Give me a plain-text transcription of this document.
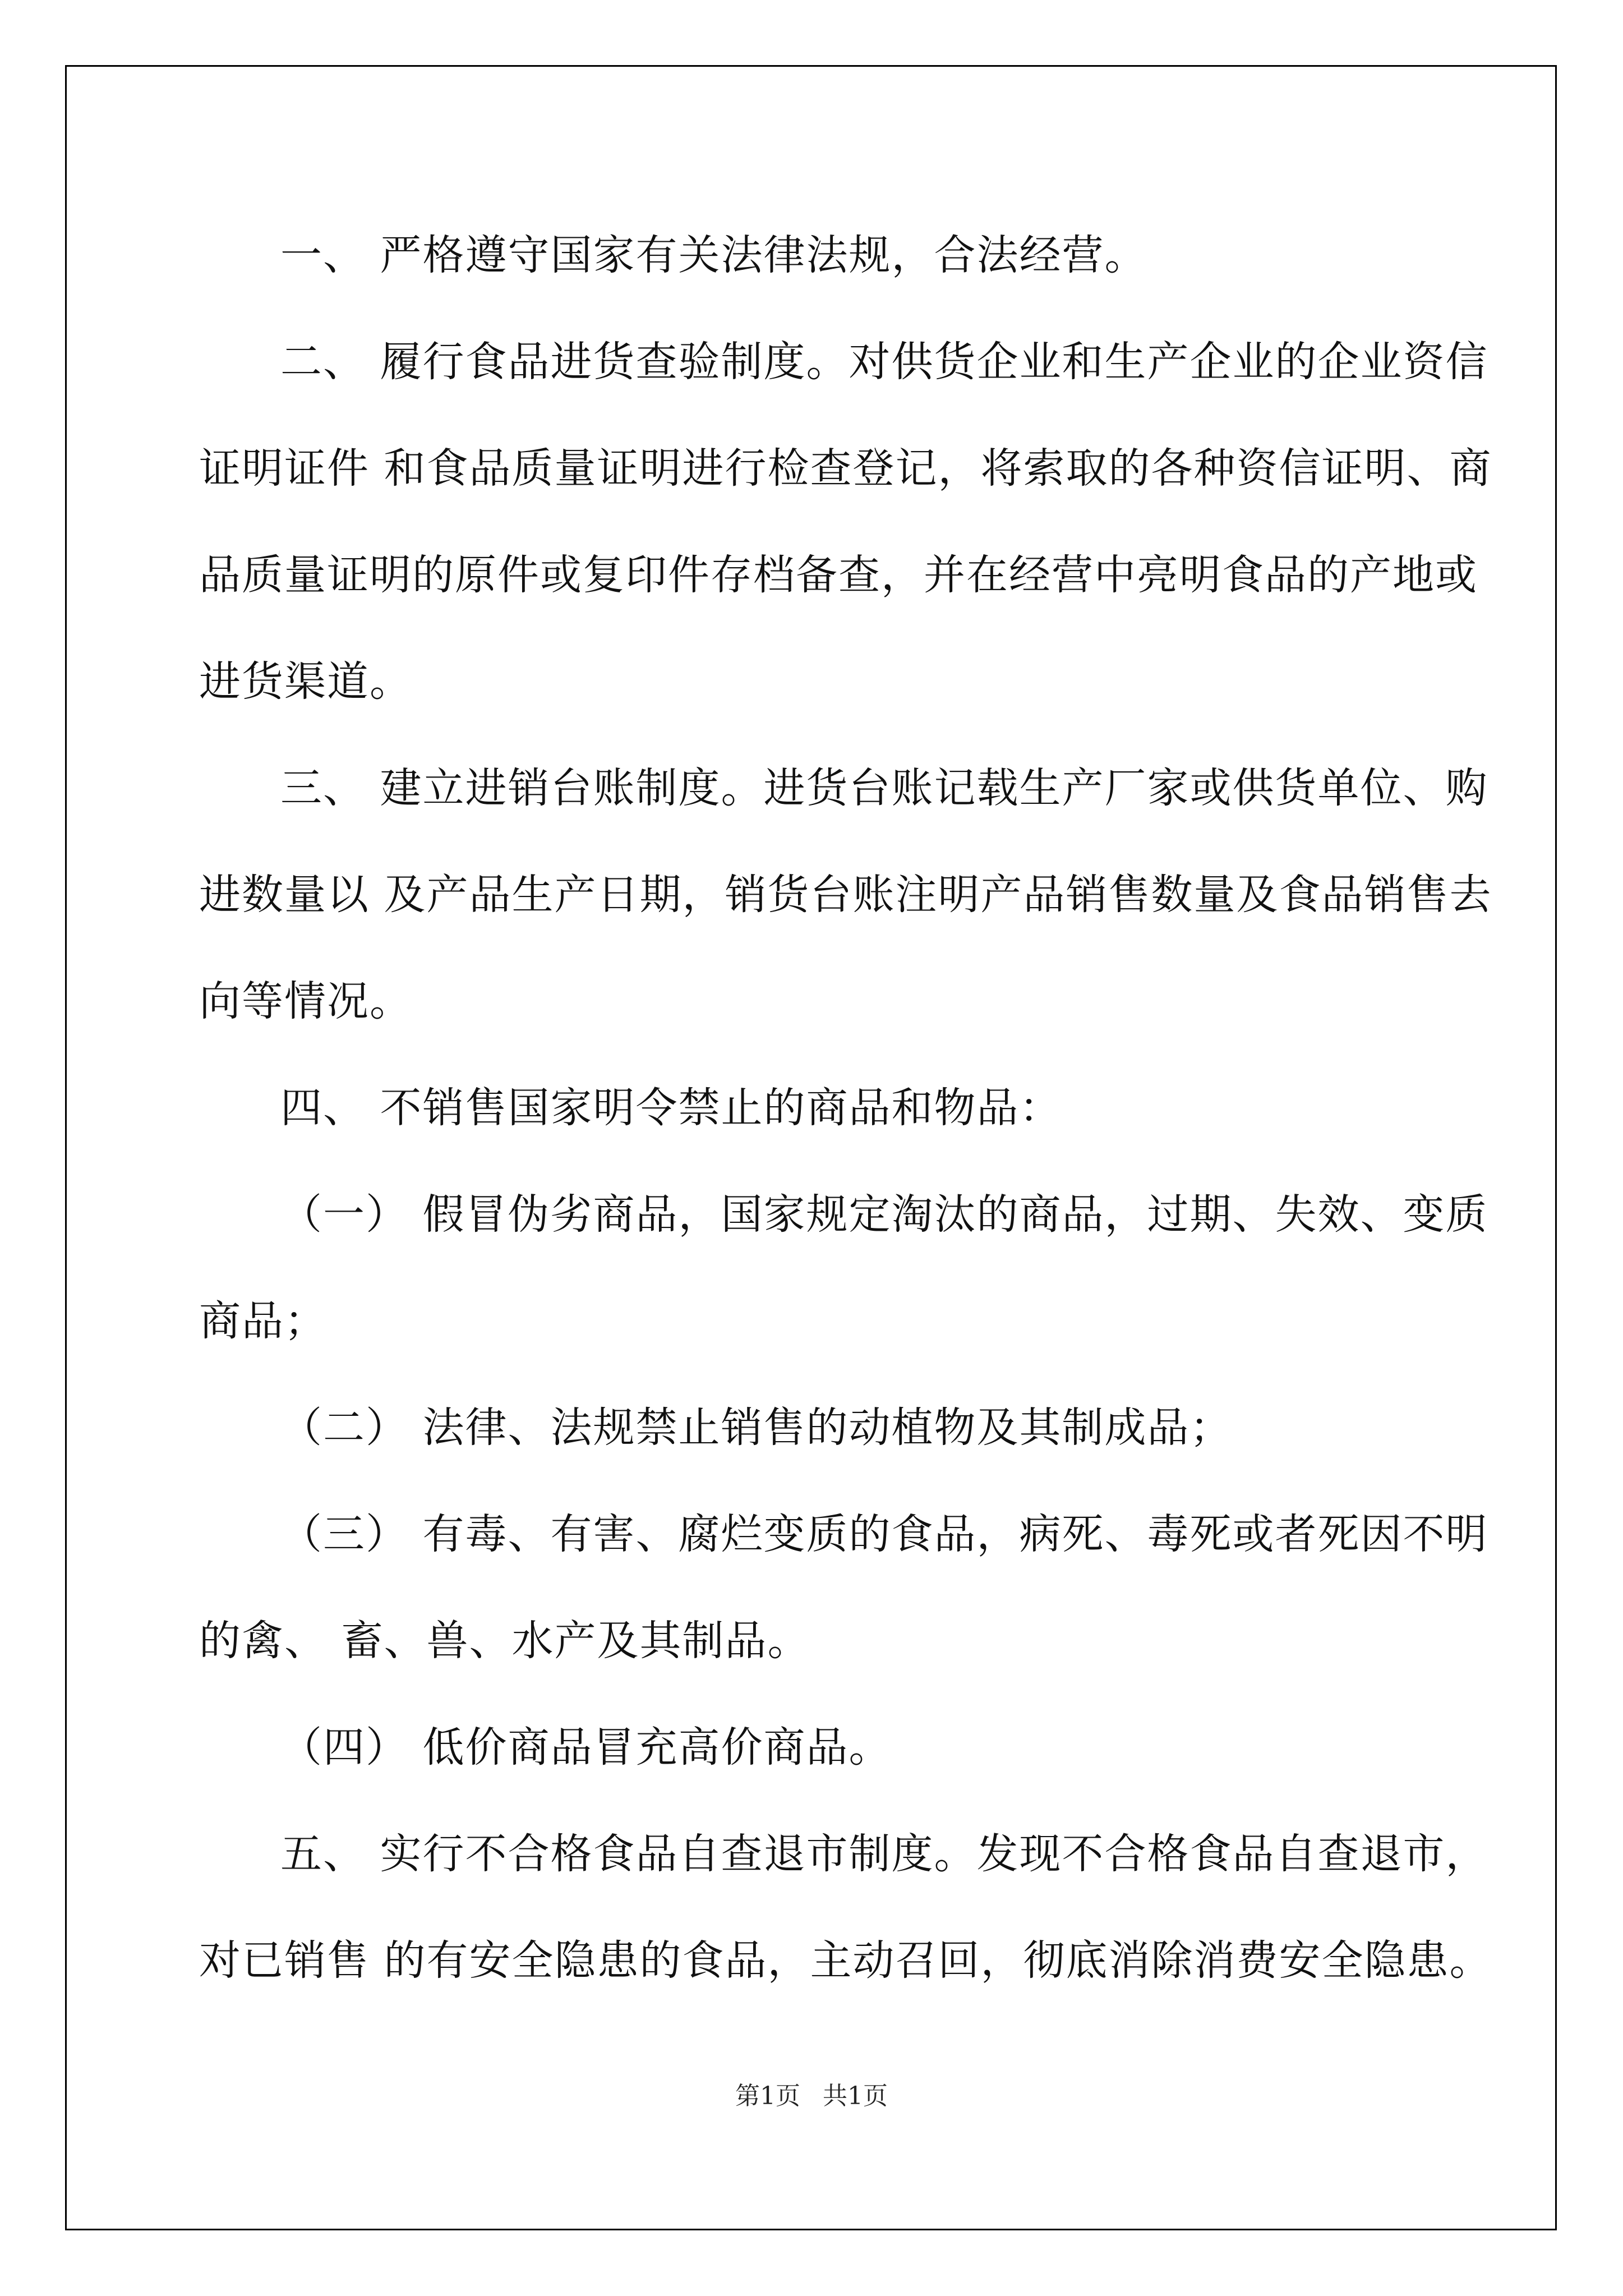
一、 严格遵守国家有关法律法规，合法经营。
二、 履行食品进货查验制度。对供货企业和生产企业的企业资信
证明证件 和食品质量证明进行检查登记，将索取的各种资信证明、商
品质量证明的原件或复印件存档备查，并在经营中亮明食品的产地或
进货渠道。
三、 建立进销台账制度。进货台账记载生产厂家或供货单位、购
进数量以 及产品生产日期，销货台账注明产品销售数量及食品销售去
向等情况。
四、 不销售国家明令禁止的商品和物品：
（一） 假冒伪劣商品，国家规定淘汰的商品，过期、失效、变质
商品；
（二） 法律、法规禁止销售的动植物及其制成品；
（三） 有毒、有害、腐烂变质的食品，病死、毒死或者死因不明
的禽、 畜、兽、水产及其制品。
（四） 低价商品冒充高价商品。
五、 实行不合格食品自查退市制度。发现不合格食品自查退市，
对已销售 的有安全隐患的食品，主动召回，彻底消除消费安全隐患。
第1页 共1页
